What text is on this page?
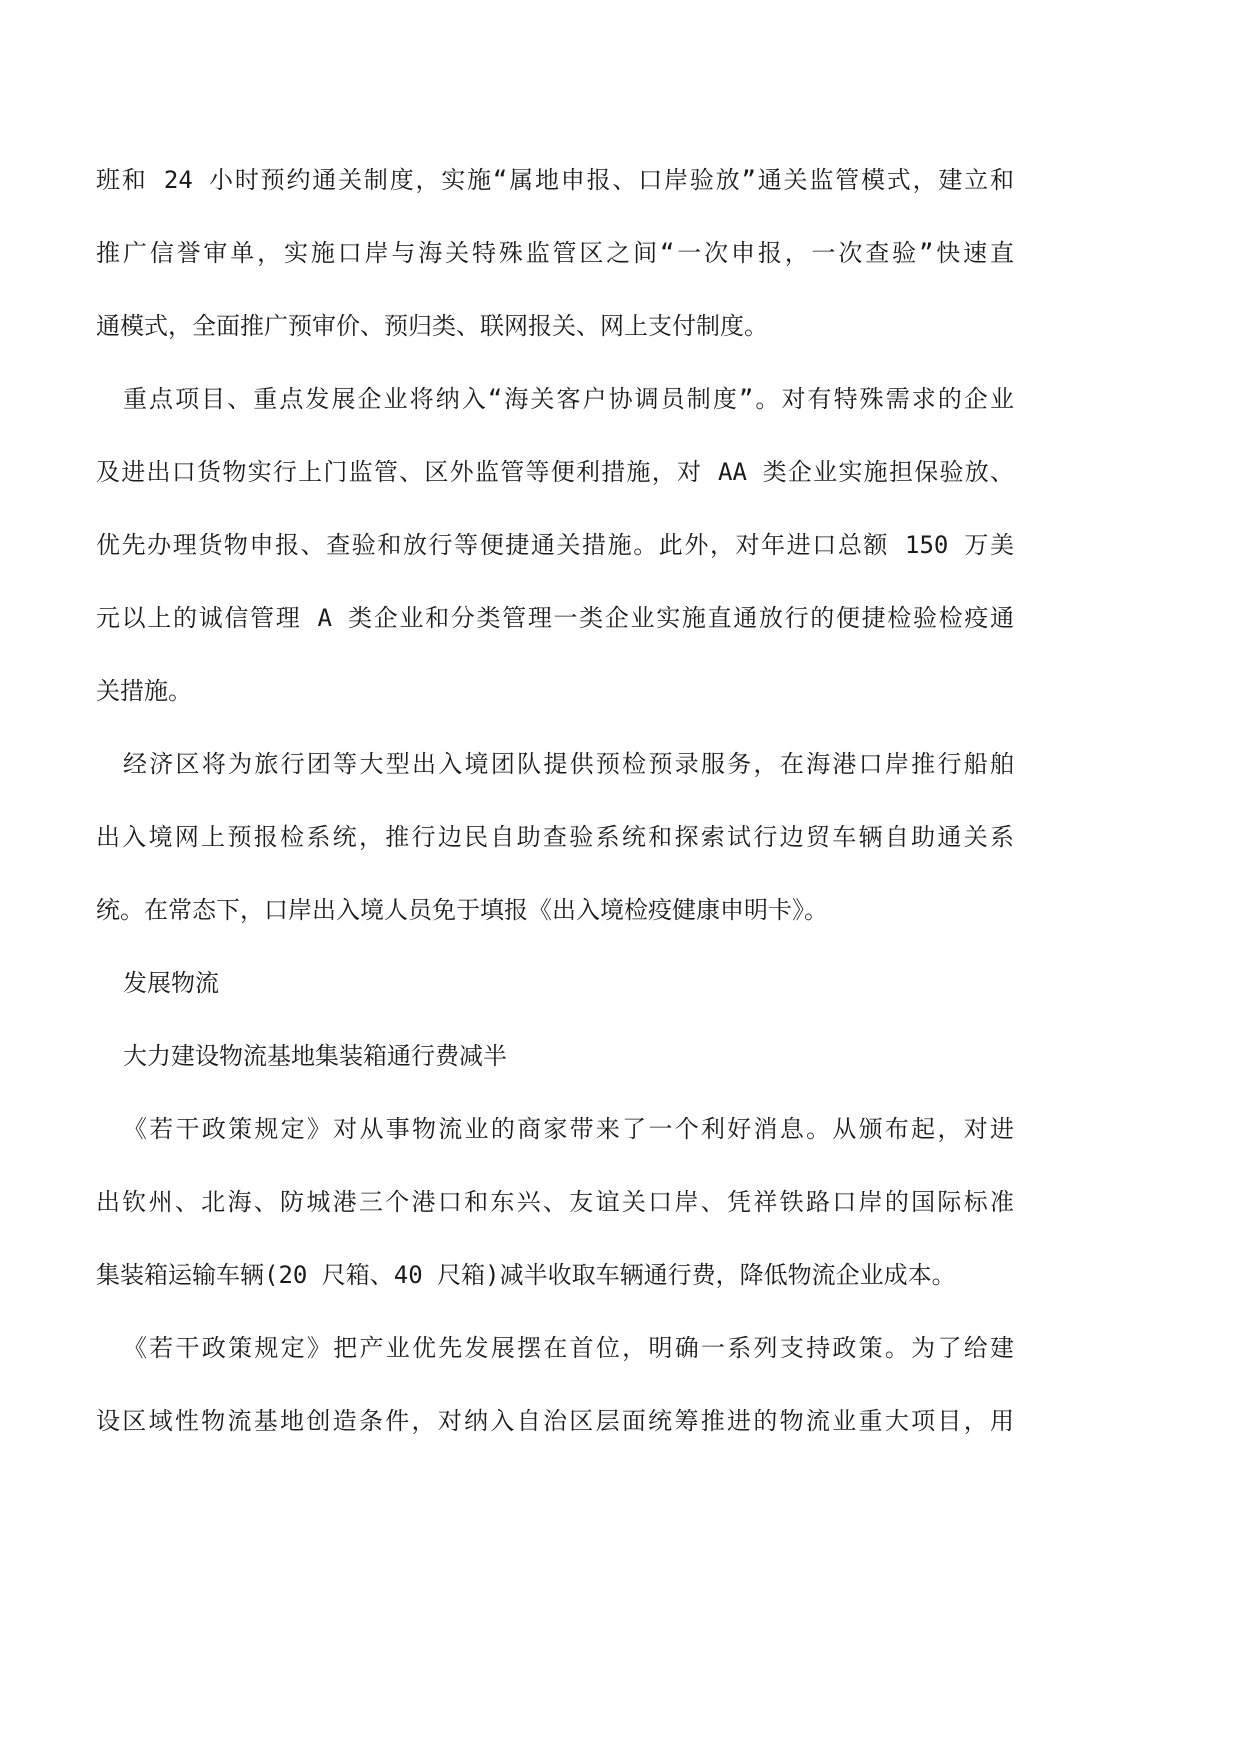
班和 24 小时预约通关制度，实施“属地申报、口岸验放”通关监管模式，建立和
推广信誉审单，实施口岸与海关特殊监管区之间“一次申报，一次查验”快速直
通模式，全面推广预审价、预归类、联网报关、网上支付制度。
重点项目、重点发展企业将纳入“海关客户协调员制度”。对有特殊需求的企业
及进出口货物实行上门监管、区外监管等便利措施，对 AA 类企业实施担保验放、
优先办理货物申报、查验和放行等便捷通关措施。此外，对年进口总额 150 万美
元以上的诚信管理 A 类企业和分类管理一类企业实施直通放行的便捷检验检疫通
关措施。
经济区将为旅行团等大型出入境团队提供预检预录服务，在海港口岸推行船舶
出入境网上预报检系统，推行边民自助查验系统和探索试行边贸车辆自助通关系
统。在常态下，口岸出入境人员免于填报《出入境检疫健康申明卡》。
发展物流
大力建设物流基地集装箱通行费减半
《若干政策规定》对从事物流业的商家带来了一个利好消息。从颁布起，对进
出钦州、北海、防城港三个港口和东兴、友谊关口岸、凭祥铁路口岸的国际标准
集装箱运输车辆(20 尺箱、40 尺箱)减半收取车辆通行费，降低物流企业成本。
《若干政策规定》把产业优先发展摆在首位，明确一系列支持政策。为了给建
设区域性物流基地创造条件，对纳入自治区层面统筹推进的物流业重大项目，用
